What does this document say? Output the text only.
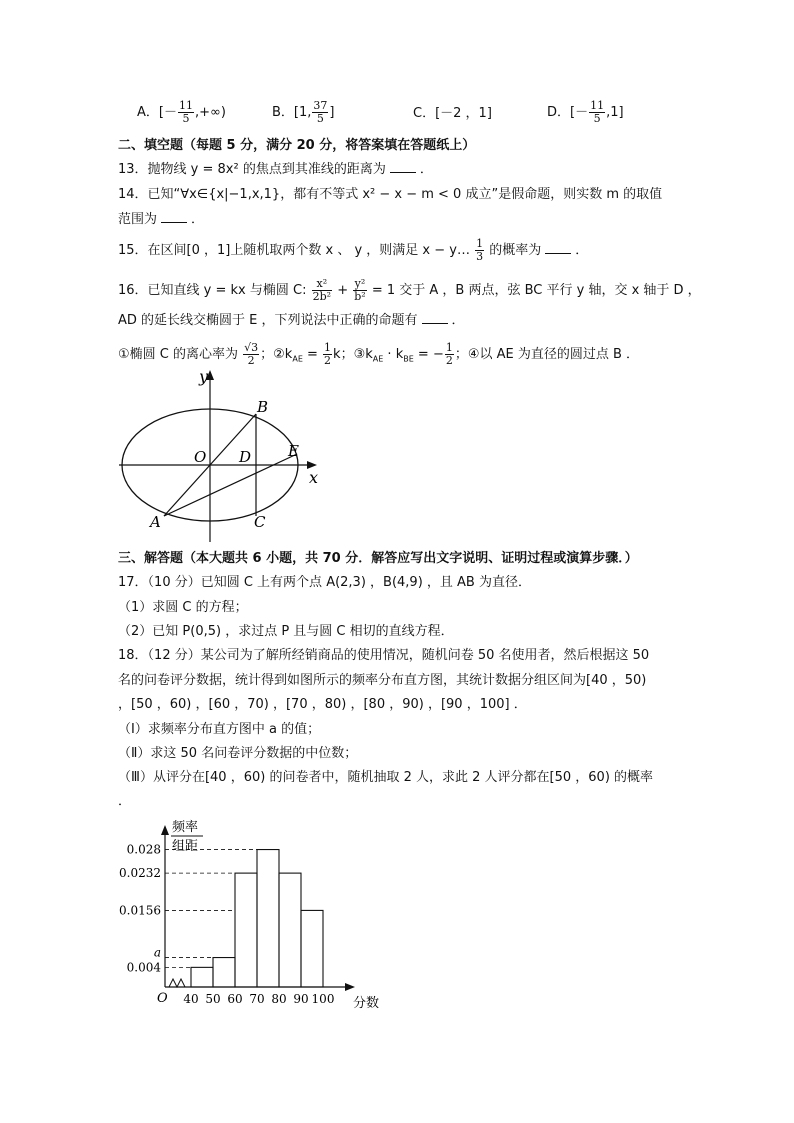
A．[－ $\frac{11}{5}$ ,+∞)	B．[1, $\frac{37}{5}$ ]	C．[－2 ，1]	D．[－ $\frac{11}{5} ,1$]
二、填空题（每题 5 分，满分 20 分，将答案填在答题纸上）
13．抛物线 y = 8x² 的焦点到其准线的距离为	．
14．已知“∀x∈{x|−1,x,1}，都有不等式 x² − x − m < 0 成立”是假命题，则实数 m 的取值
范围为	．
15．在区间[0 ，1]上随机取两个数 x 、 y ，则满足 x − y… $\frac{1}{3}$ 的概率为	．
16．已知直线 y = kx 与椭圆 C: $\frac{\text{x²}}{\text{2b²}} + \frac{\text{y²}}{\text{b²}} = 1$ 交于 A ，B 两点，弦 BC 平行 y 轴，交 x 轴于 D ，
AD 的延长线交椭圆于 E ，下列说法中正确的命题有	．
①椭圆 C 的离心率为 $\frac{√3}{2}$ ；$②k_{AE} = \frac{1}{2}$ k；$③k_{AE} \cdot k_{BE}$ = − $\frac{1}{2}$ ；④以 AE 为直径的圆过点 B ．
y
x
O
B
D E
A	C
三、解答题（本大题共 6 小题，共 70 分．解答应写出文字说明、证明过程或演算步骤．）
17．（10 分）已知圆 C 上有两个点 A(2,3) ，B(4,9) ，且 AB 为直径．
（1）求圆 C 的方程；
（2）已知 P(0,5) ，求过点 P 且与圆 C 相切的直线方程．
18．（12 分）某公司为了解所经销商品的使用情况，随机问卷 50 名使用者，然后根据这 50
名的问卷评分数据，统计得到如图所示的频率分布直方图，其统计数据分组区间为[40 ，50)
，[50 ，60) ，[60 ，70) ，[70 ，80) ，[80 ，90) ，[90 ，100] ．
（Ⅰ）求频率分布直方图中 a 的值；
（Ⅱ）求这 50 名问卷评分数据的中位数；
（Ⅲ）从评分在[40 ，60) 的问卷者中，随机抽取 2 人，求此 2 人评分都在[50 ，60) 的概率
．
频率
组距
分数
O
0.028
0.0232
0.0156
a
0.004
40 50 60 70 80 90 100
